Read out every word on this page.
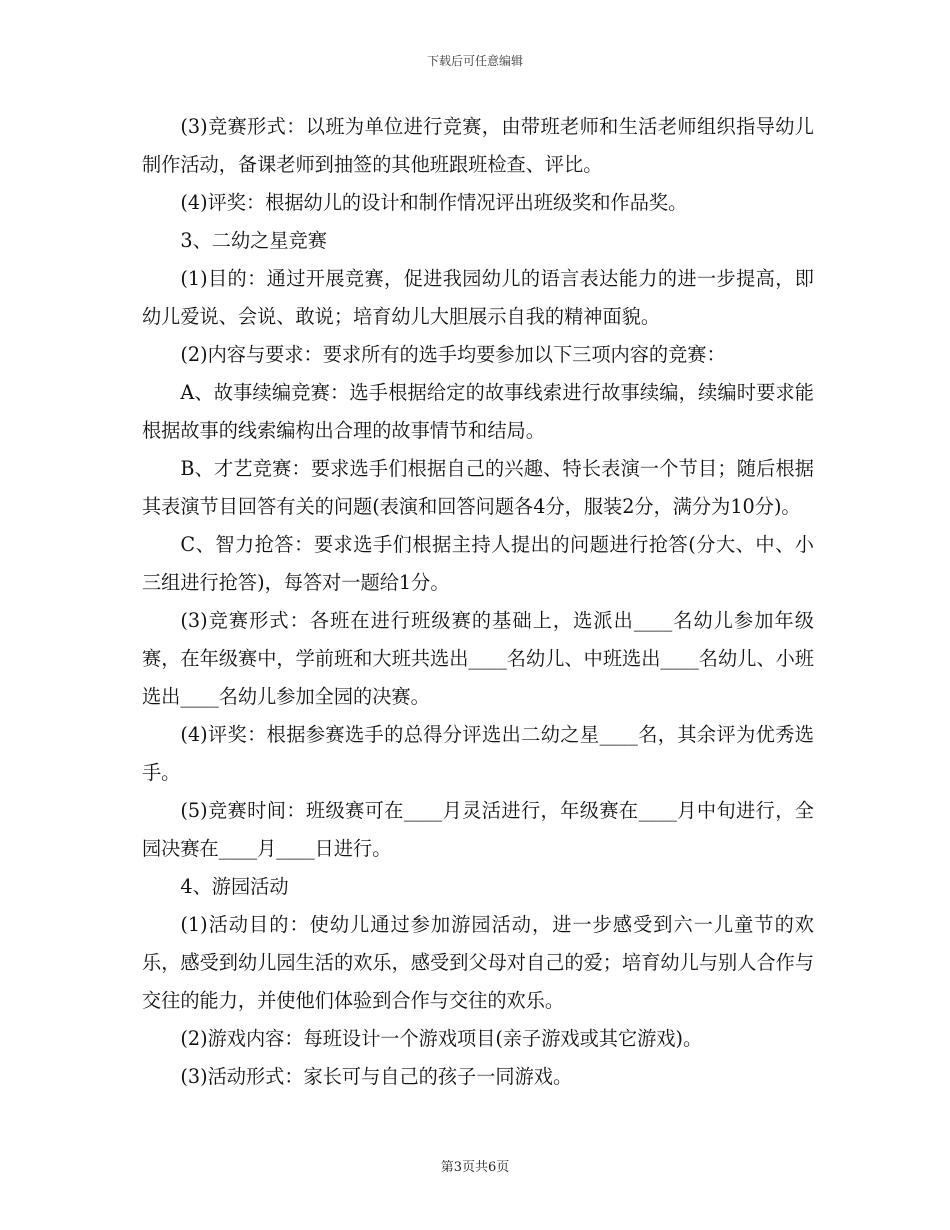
下载后可任意编辑

(3)竞赛形式：以班为单位进行竞赛，由带班老师和生活老师组织指导幼儿制作活动，备课老师到抽签的其他班跟班检查、评比。

(4)评奖：根据幼儿的设计和制作情况评出班级奖和作品奖。

3、二幼之星竞赛

(1)目的：通过开展竞赛，促进我园幼儿的语言表达能力的进一步提高，即幼儿爱说、会说、敢说；培育幼儿大胆展示自我的精神面貌。

(2)内容与要求：要求所有的选手均要参加以下三项内容的竞赛：

A、故事续编竞赛：选手根据给定的故事线索进行故事续编，续编时要求能根据故事的线索编构出合理的故事情节和结局。

B、才艺竞赛：要求选手们根据自己的兴趣、特长表演一个节目；随后根据其表演节目回答有关的问题(表演和回答问题各4分，服装2分，满分为10分)。

C、智力抢答：要求选手们根据主持人提出的问题进行抢答(分大、中、小三组进行抢答)，每答对一题给1分。

(3)竞赛形式：各班在进行班级赛的基础上，选派出____名幼儿参加年级赛，在年级赛中，学前班和大班共选出____名幼儿、中班选出____名幼儿、小班选出____名幼儿参加全园的决赛。

(4)评奖：根据参赛选手的总得分评选出二幼之星____名，其余评为优秀选手。

(5)竞赛时间：班级赛可在____月灵活进行，年级赛在____月中旬进行，全园决赛在____月____日进行。

4、游园活动

(1)活动目的：使幼儿通过参加游园活动，进一步感受到六一儿童节的欢乐，感受到幼儿园生活的欢乐，感受到父母对自己的爱；培育幼儿与别人合作与交往的能力，并使他们体验到合作与交往的欢乐。

(2)游戏内容：每班设计一个游戏项目(亲子游戏或其它游戏)。

(3)活动形式：家长可与自己的孩子一同游戏。

第3页共6页
